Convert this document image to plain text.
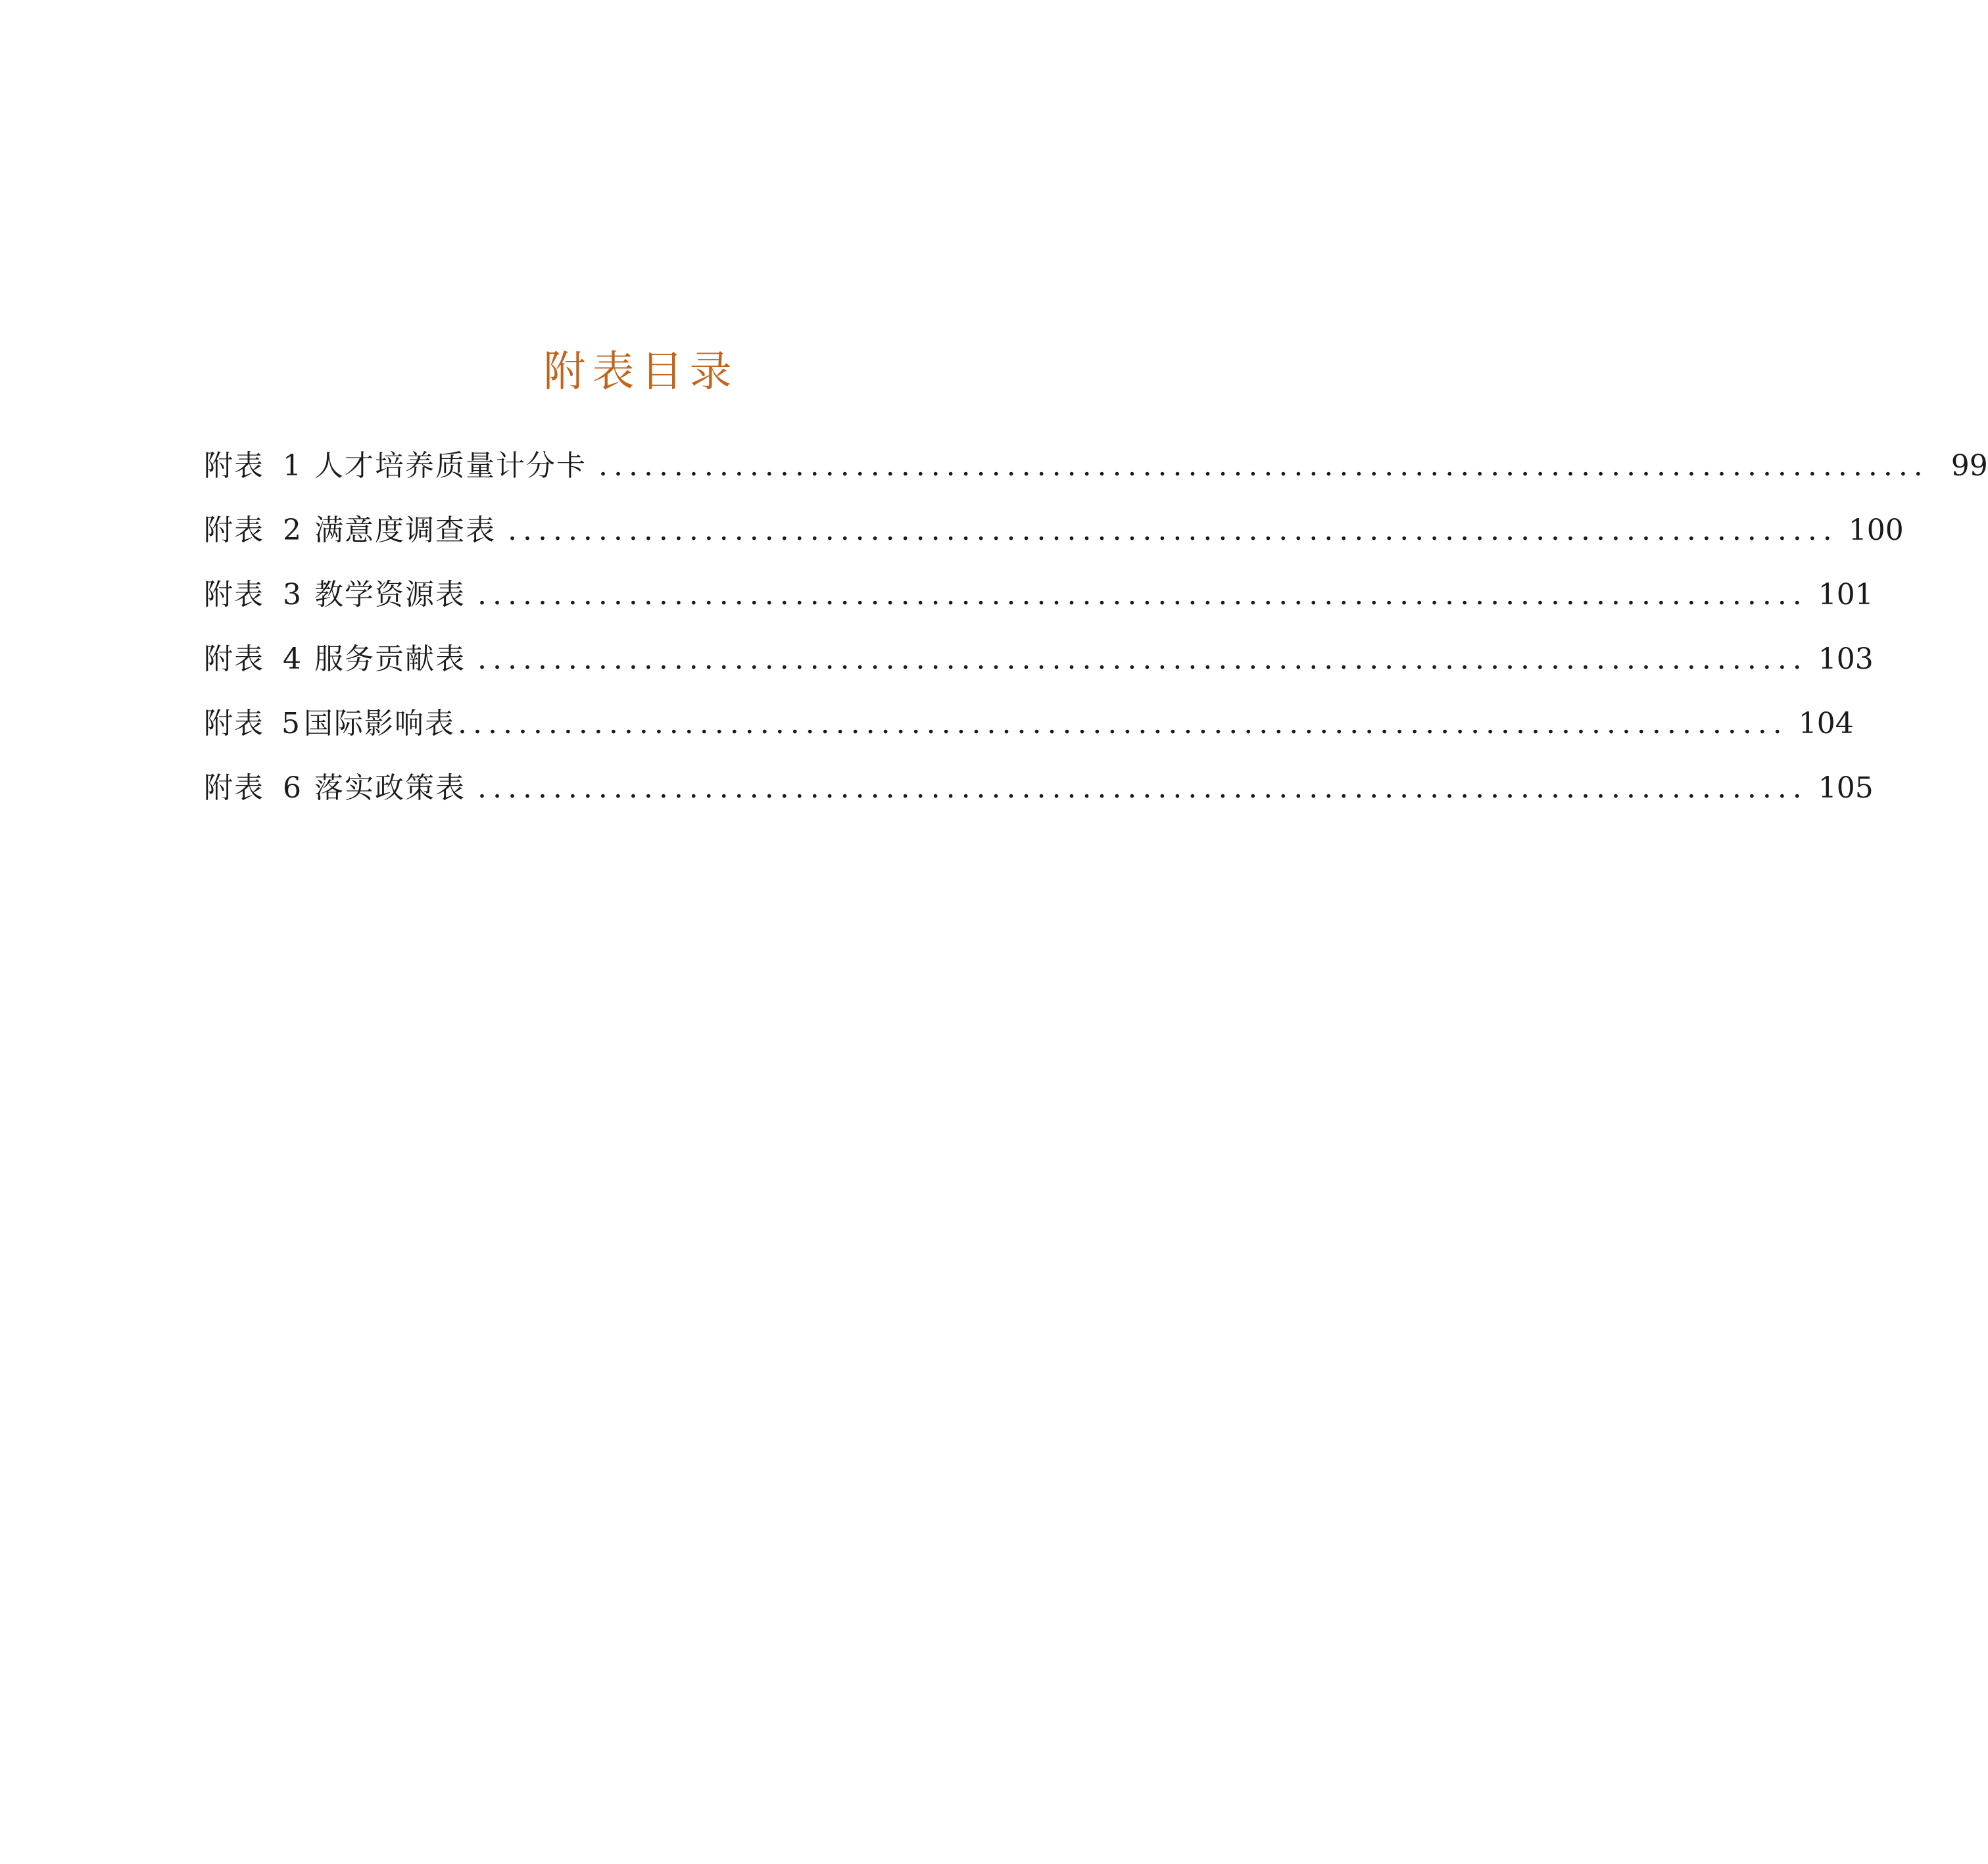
附表目录
附表 1 人才培养质量计分卡 ........................................................................................ 99
附表 2 满意度调查表 ........................................................................................ 100
附表 3 教学资源表 ........................................................................................ 101
附表 4 服务贡献表 ........................................................................................ 103
附表 5 国际影响表 ........................................................................................ 104
附表 6 落实政策表 ........................................................................................ 105
